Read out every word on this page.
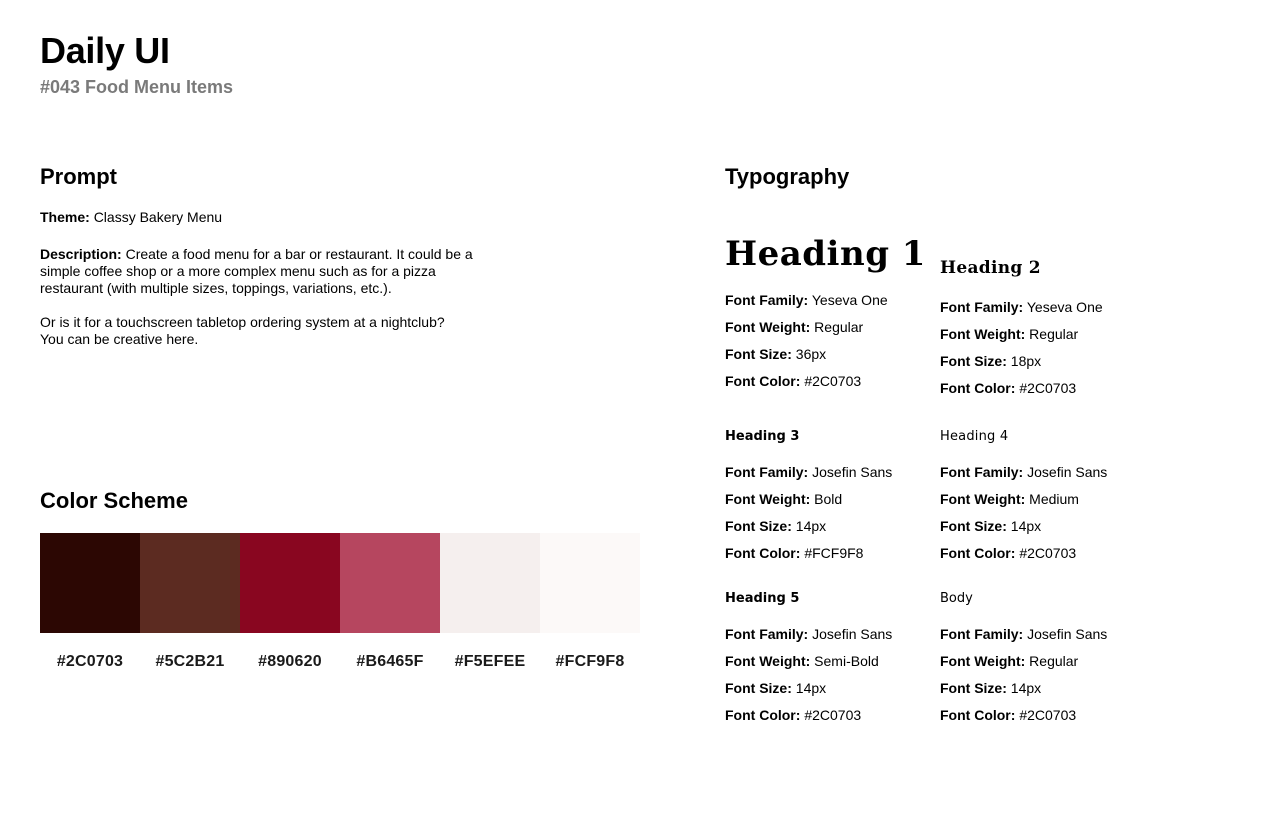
Daily UI
#043 Food Menu Items
Prompt

Theme: Classy Bakery Menu

Description: Create a food menu for a bar or restaurant. It could be a
simple coffee shop or a more complex menu such as for a pizza
restaurant (with multiple sizes, toppings, variations, etc.).

Or is it for a touchscreen tabletop ordering system at a nightclub?
You can be creative here.

Color Scheme
#2C0703 #5C2B21 #890620 #B6465F #F5EFEE #FCF9F8
Typography
Heading 1
Font Family: Yeseva One
Font Weight: Regular
Font Size: 36px
Font Color: #2C0703
Heading 2
Font Family: Yeseva One
Font Weight: Regular
Font Size: 18px
Font Color: #2C0703
Heading 3
Font Family: Josefin Sans
Font Weight: Bold
Font Size: 14px
Font Color: #FCF9F8
Heading 4
Font Family: Josefin Sans
Font Weight: Medium
Font Size: 14px
Font Color: #2C0703
Heading 5
Font Family: Josefin Sans
Font Weight: Semi-Bold
Font Size: 14px
Font Color: #2C0703
Body
Font Family: Josefin Sans
Font Weight: Regular
Font Size: 14px
Font Color: #2C0703
